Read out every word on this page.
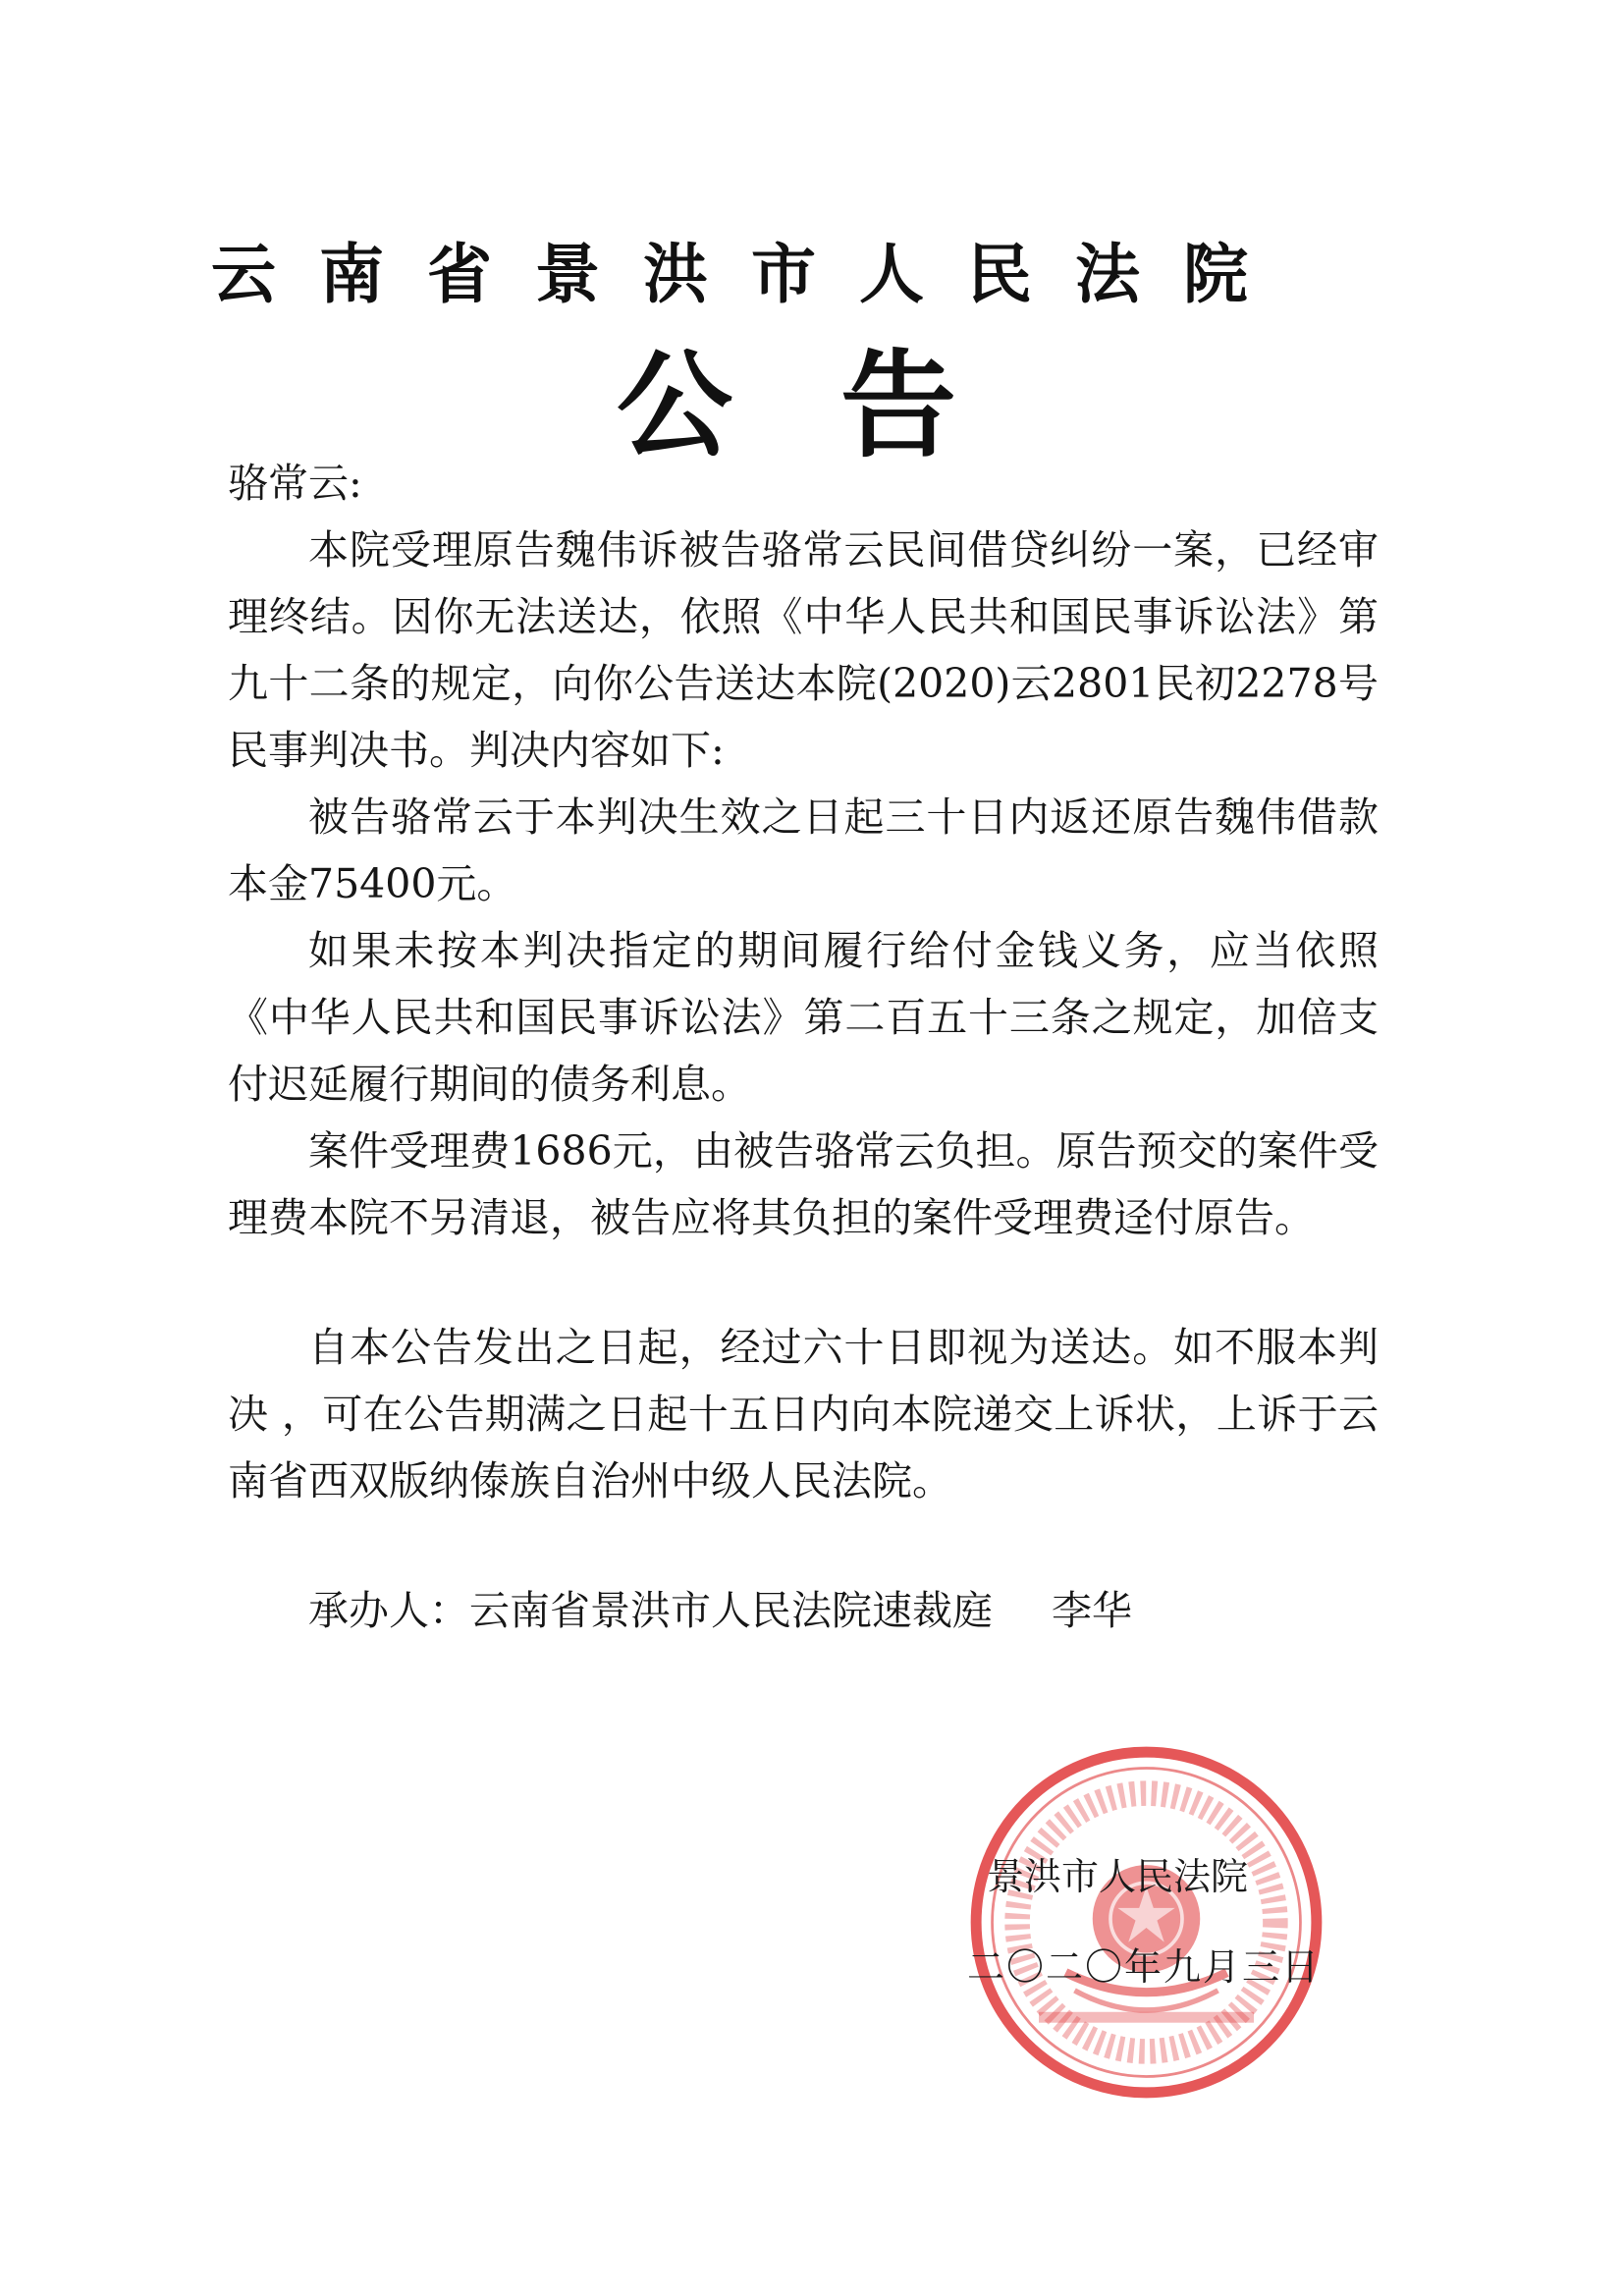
云南省景洪市人民法院
公告

骆常云:

本院受理原告魏伟诉被告骆常云民间借贷纠纷一案，已经审理终结。因你无法送达，依照《中华人民共和国民事诉讼法》第九十二条的规定，向你公告送达本院(2020)云2801民初2278号民事判决书。判决内容如下:

被告骆常云于本判决生效之日起三十日内返还原告魏伟借款本金75400元。

如果未按本判决指定的期间履行给付金钱义务，应当依照《中华人民共和国民事诉讼法》第二百五十三条之规定，加倍支付迟延履行期间的债务利息。

案件受理费1686元，由被告骆常云负担。原告预交的案件受理费本院不另清退，被告应将其负担的案件受理费迳付原告。

自本公告发出之日起，经过六十日即视为送达。如不服本判决 ，可在公告期满之日起十五日内向本院递交上诉状，上诉于云南省西双版纳傣族自治州中级人民法院。

承办人：云南省景洪市人民法院速裁庭 李华

景洪市人民法院
二〇二〇年九月三日
